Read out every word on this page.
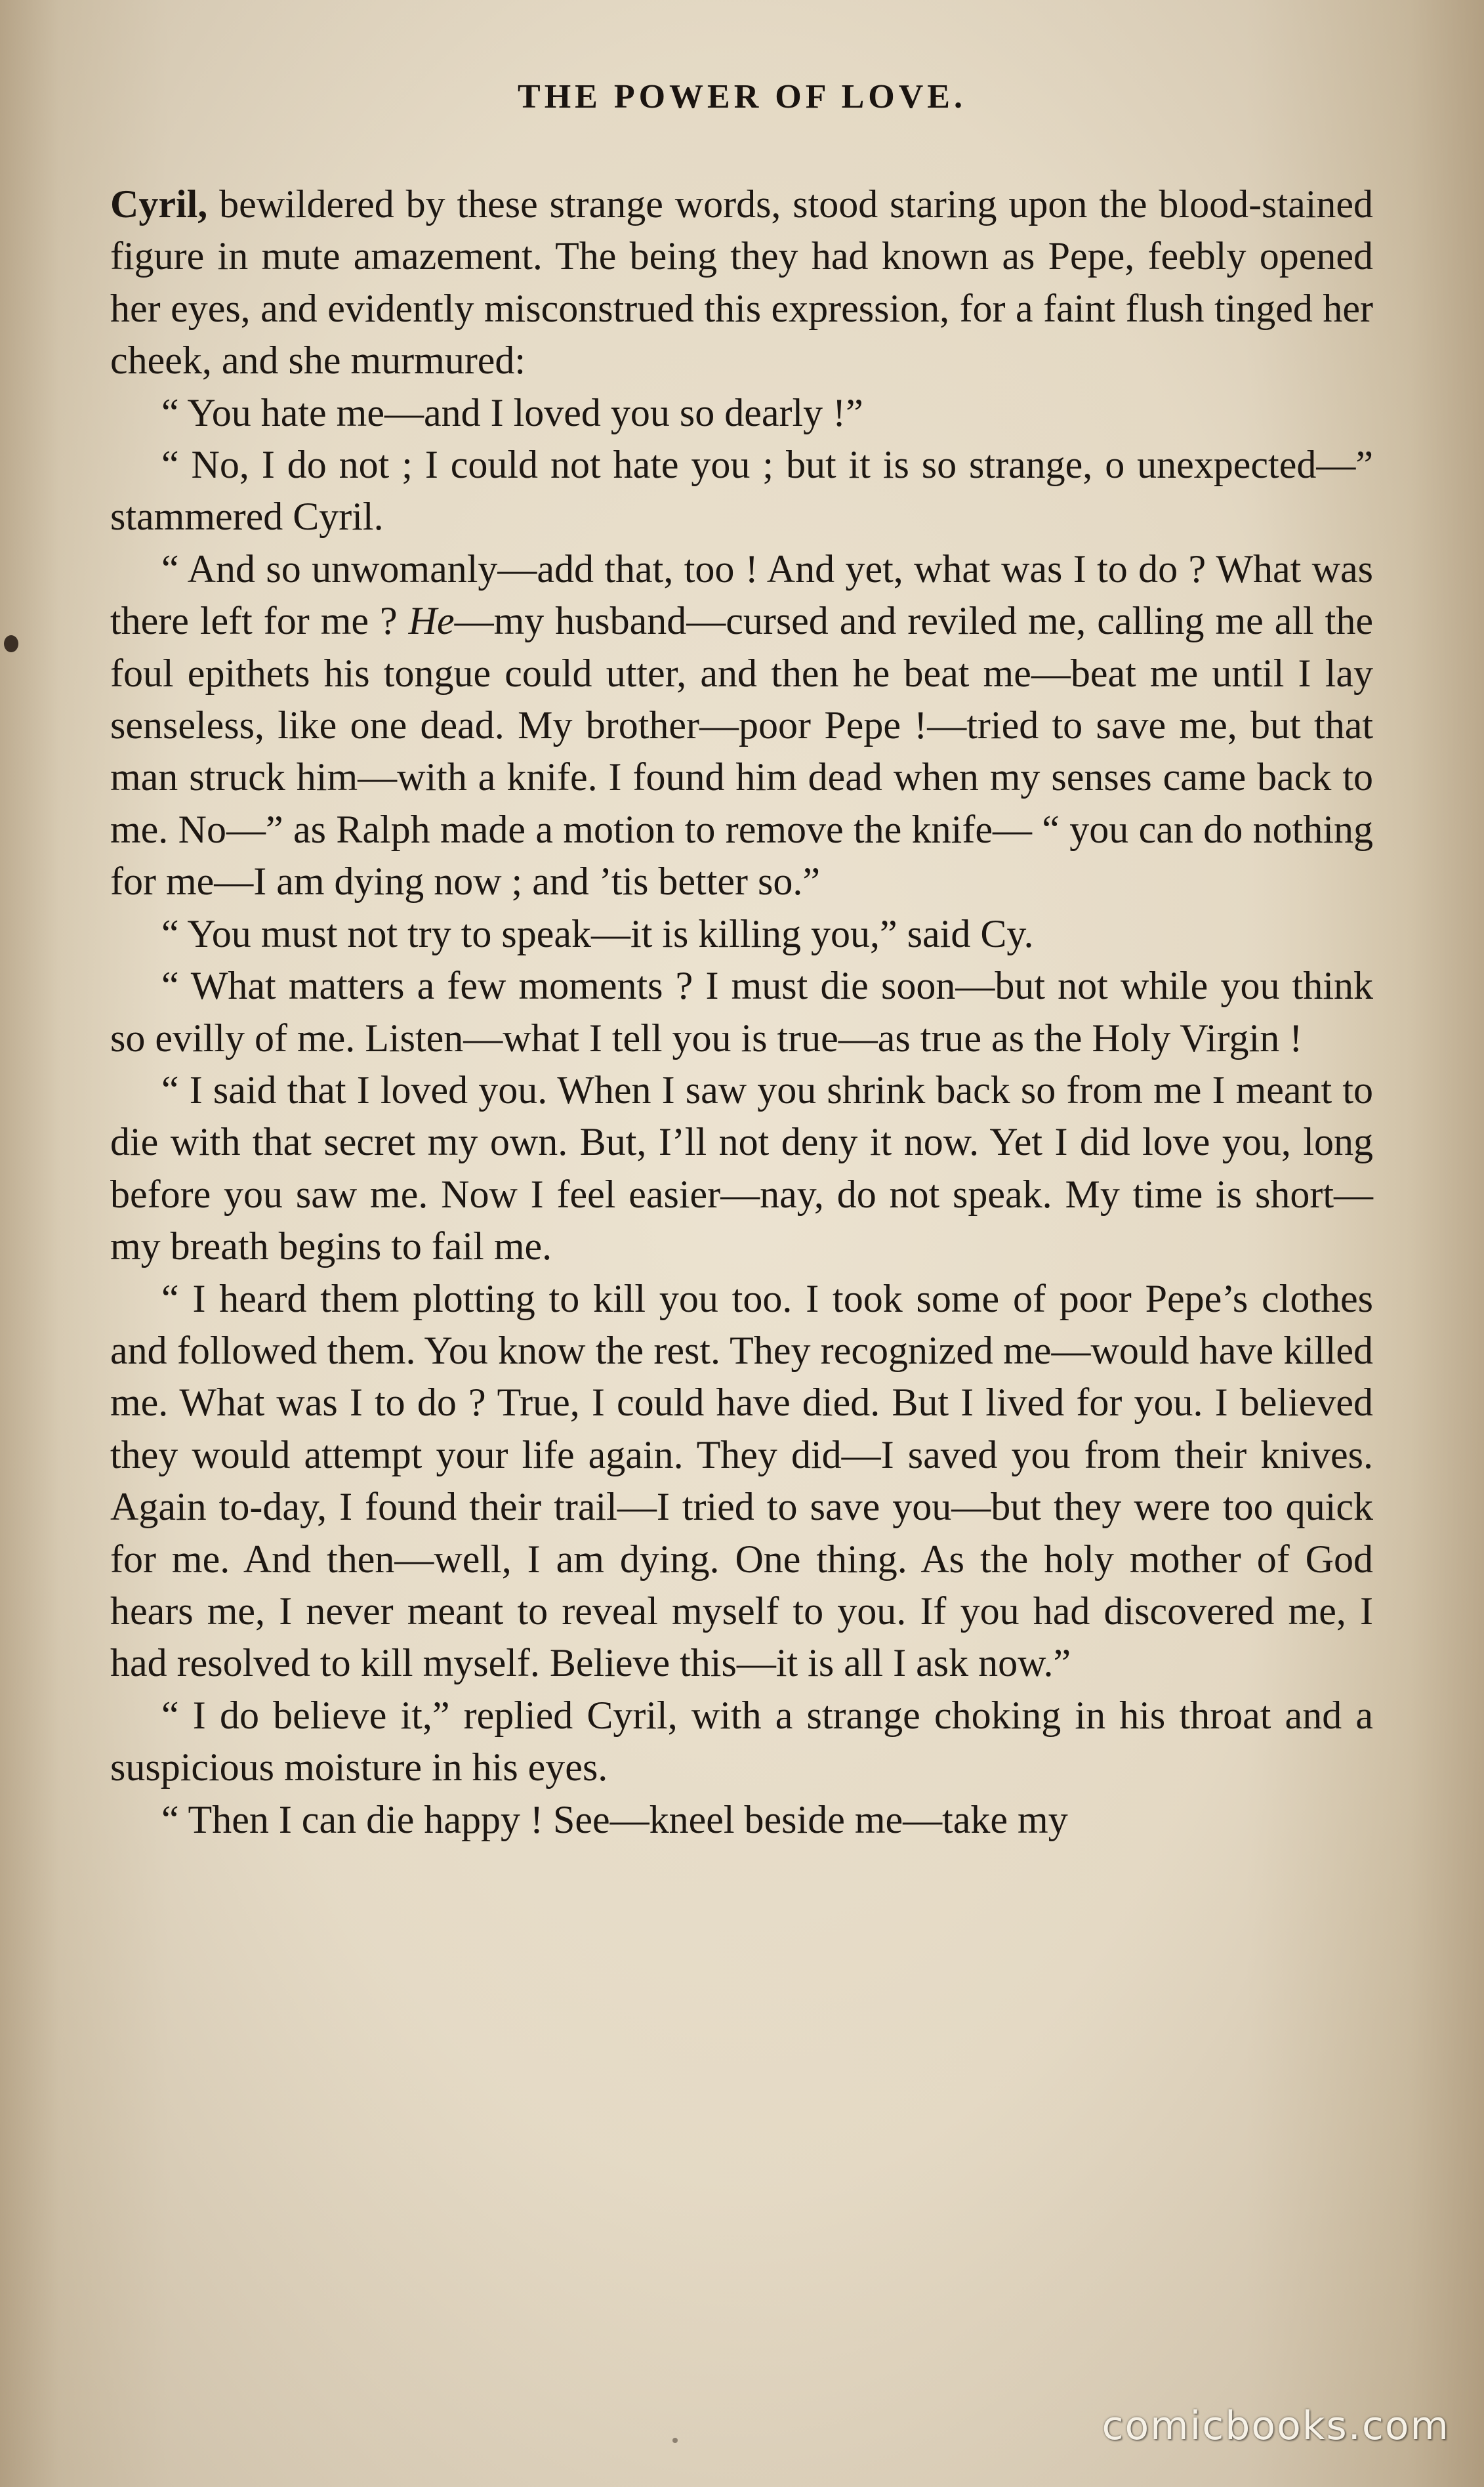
THE POWER OF LOVE.

Cyril, bewildered by these strange words, stood staring upon the blood-stained figure in mute amazement. The being they had known as Pepe, feebly opened her eyes, and evidently misconstrued this expression, for a faint flush tinged her cheek, and she murmured:

“ You hate me—and I loved you so dearly !”

“ No, I do not ; I could not hate you ; but it is so strange, o unexpected—” stammered Cyril.

“ And so unwomanly—add that, too ! And yet, what was I to do ? What was there left for me ? He—my husband—cursed and reviled me, calling me all the foul epithets his tongue could utter, and then he beat me—beat me until I lay senseless, like one dead. My brother—poor Pepe !—tried to save me, but that man struck him—with a knife. I found him dead when my senses came back to me. No—” as Ralph made a motion to remove the knife— “ you can do nothing for me—I am dying now ; and ’tis better so.”

“ You must not try to speak—it is killing you,” said Cy.

“ What matters a few moments ? I must die soon—but not while you think so evilly of me. Listen—what I tell you is true—as true as the Holy Virgin !

“ I said that I loved you. When I saw you shrink back so from me I meant to die with that secret my own. But, I’ll not deny it now. Yet I did love you, long before you saw me. Now I feel easier—nay, do not speak. My time is short—my breath begins to fail me.

“ I heard them plotting to kill you too. I took some of poor Pepe’s clothes and followed them. You know the rest. They recognized me—would have killed me. What was I to do ? True, I could have died. But I lived for you. I believed they would attempt your life again. They did—I saved you from their knives. Again to-day, I found their trail—I tried to save you—but they were too quick for me. And then—well, I am dying. One thing. As the holy mother of God hears me, I never meant to reveal myself to you. If you had discovered me, I had resolved to kill myself. Believe this—it is all I ask now.”

“ I do believe it,” replied Cyril, with a strange choking in his throat and a suspicious moisture in his eyes.

“ Then I can die happy ! See—kneel beside me—take my

comicbooks.com
